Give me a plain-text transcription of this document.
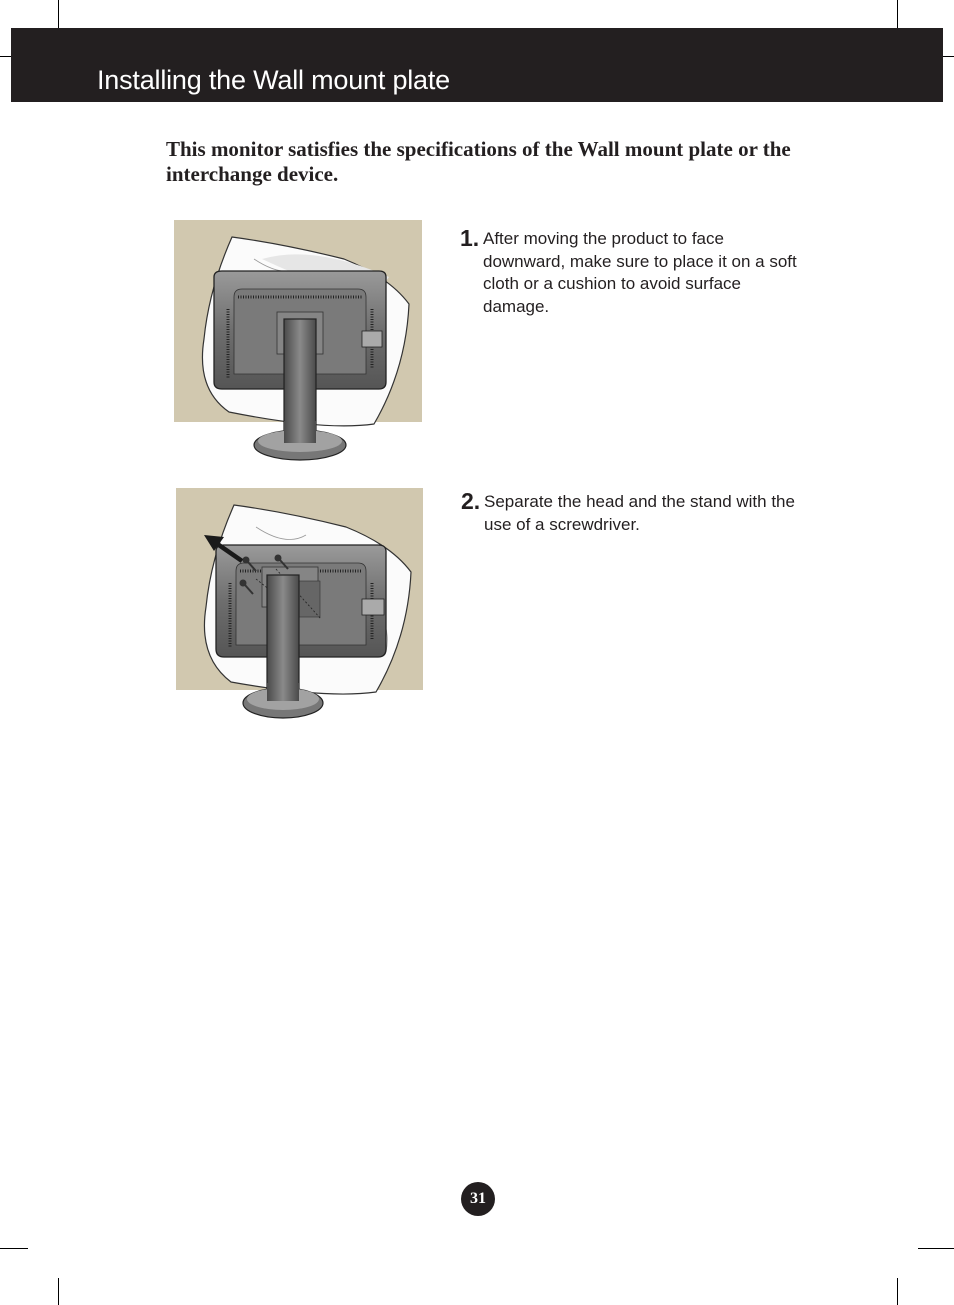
Installing the Wall mount plate

This monitor satisfies the specifications of the Wall mount plate or the interchange device.

1. After moving the product to face downward, make sure to place it on a soft cloth or a cushion to avoid surface damage.

2. Separate the head and the stand with the use of a screwdriver.

31
